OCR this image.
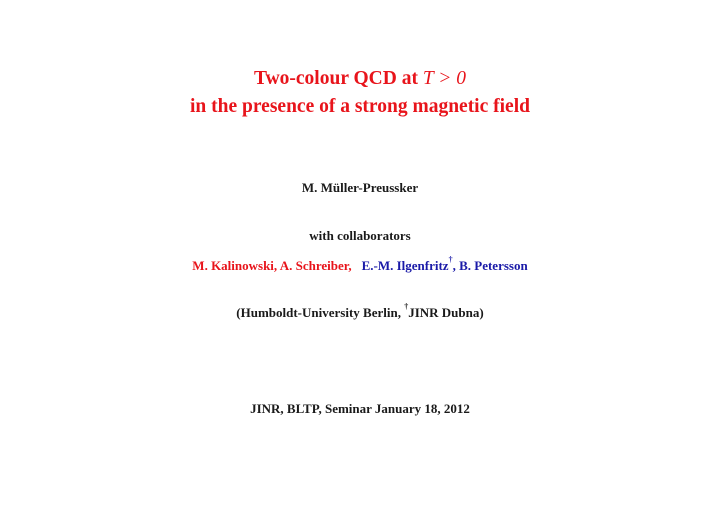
Two-colour QCD at T > 0
in the presence of a strong magnetic field
M. Müller-Preussker
with collaborators
M. Kalinowski, A. Schreiber, E.-M. Ilgenfritz†, B. Petersson
(Humboldt-University Berlin, †JINR Dubna)
JINR, BLTP, Seminar January 18, 2012
